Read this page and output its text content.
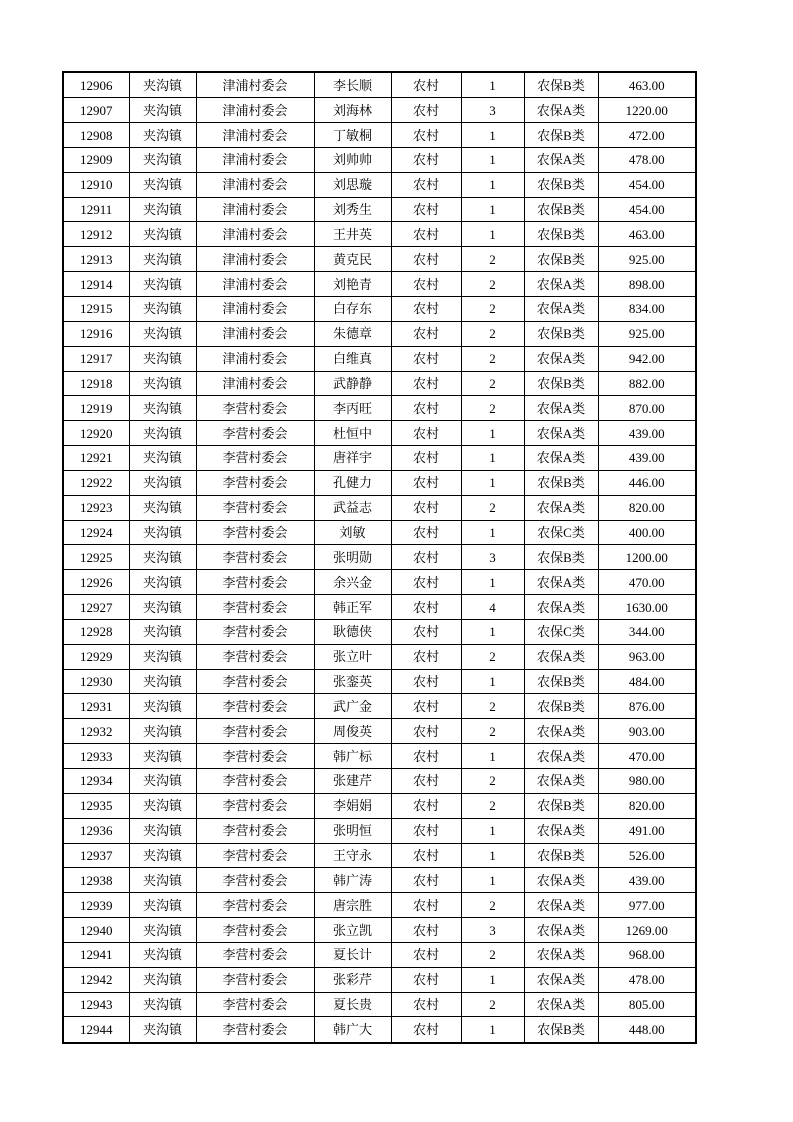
12906	夹沟镇	津浦村委会	李长顺	农村	1	农保B类	463.00
12907	夹沟镇	津浦村委会	刘海林	农村	3	农保A类	1220.00
12908	夹沟镇	津浦村委会	丁敏桐	农村	1	农保B类	472.00
12909	夹沟镇	津浦村委会	刘帅帅	农村	1	农保A类	478.00
12910	夹沟镇	津浦村委会	刘思璇	农村	1	农保B类	454.00
12911	夹沟镇	津浦村委会	刘秀生	农村	1	农保B类	454.00
12912	夹沟镇	津浦村委会	王井英	农村	1	农保B类	463.00
12913	夹沟镇	津浦村委会	黄克民	农村	2	农保B类	925.00
12914	夹沟镇	津浦村委会	刘艳青	农村	2	农保A类	898.00
12915	夹沟镇	津浦村委会	白存东	农村	2	农保A类	834.00
12916	夹沟镇	津浦村委会	朱德章	农村	2	农保B类	925.00
12917	夹沟镇	津浦村委会	白维真	农村	2	农保A类	942.00
12918	夹沟镇	津浦村委会	武静静	农村	2	农保B类	882.00
12919	夹沟镇	李营村委会	李丙旺	农村	2	农保A类	870.00
12920	夹沟镇	李营村委会	杜恒中	农村	1	农保A类	439.00
12921	夹沟镇	李营村委会	唐祥宇	农村	1	农保A类	439.00
12922	夹沟镇	李营村委会	孔健力	农村	1	农保B类	446.00
12923	夹沟镇	李营村委会	武益志	农村	2	农保A类	820.00
12924	夹沟镇	李营村委会	刘敏	农村	1	农保C类	400.00
12925	夹沟镇	李营村委会	张明勋	农村	3	农保B类	1200.00
12926	夹沟镇	李营村委会	余兴金	农村	1	农保A类	470.00
12927	夹沟镇	李营村委会	韩正军	农村	4	农保A类	1630.00
12928	夹沟镇	李营村委会	耿德侠	农村	1	农保C类	344.00
12929	夹沟镇	李营村委会	张立叶	农村	2	农保A类	963.00
12930	夹沟镇	李营村委会	张銮英	农村	1	农保B类	484.00
12931	夹沟镇	李营村委会	武广金	农村	2	农保B类	876.00
12932	夹沟镇	李营村委会	周俊英	农村	2	农保A类	903.00
12933	夹沟镇	李营村委会	韩广标	农村	1	农保A类	470.00
12934	夹沟镇	李营村委会	张建芹	农村	2	农保A类	980.00
12935	夹沟镇	李营村委会	李娟娟	农村	2	农保B类	820.00
12936	夹沟镇	李营村委会	张明恒	农村	1	农保A类	491.00
12937	夹沟镇	李营村委会	王守永	农村	1	农保B类	526.00
12938	夹沟镇	李营村委会	韩广涛	农村	1	农保A类	439.00
12939	夹沟镇	李营村委会	唐宗胜	农村	2	农保A类	977.00
12940	夹沟镇	李营村委会	张立凯	农村	3	农保A类	1269.00
12941	夹沟镇	李营村委会	夏长计	农村	2	农保A类	968.00
12942	夹沟镇	李营村委会	张彩芹	农村	1	农保A类	478.00
12943	夹沟镇	李营村委会	夏长贵	农村	2	农保A类	805.00
12944	夹沟镇	李营村委会	韩广大	农村	1	农保B类	448.00
